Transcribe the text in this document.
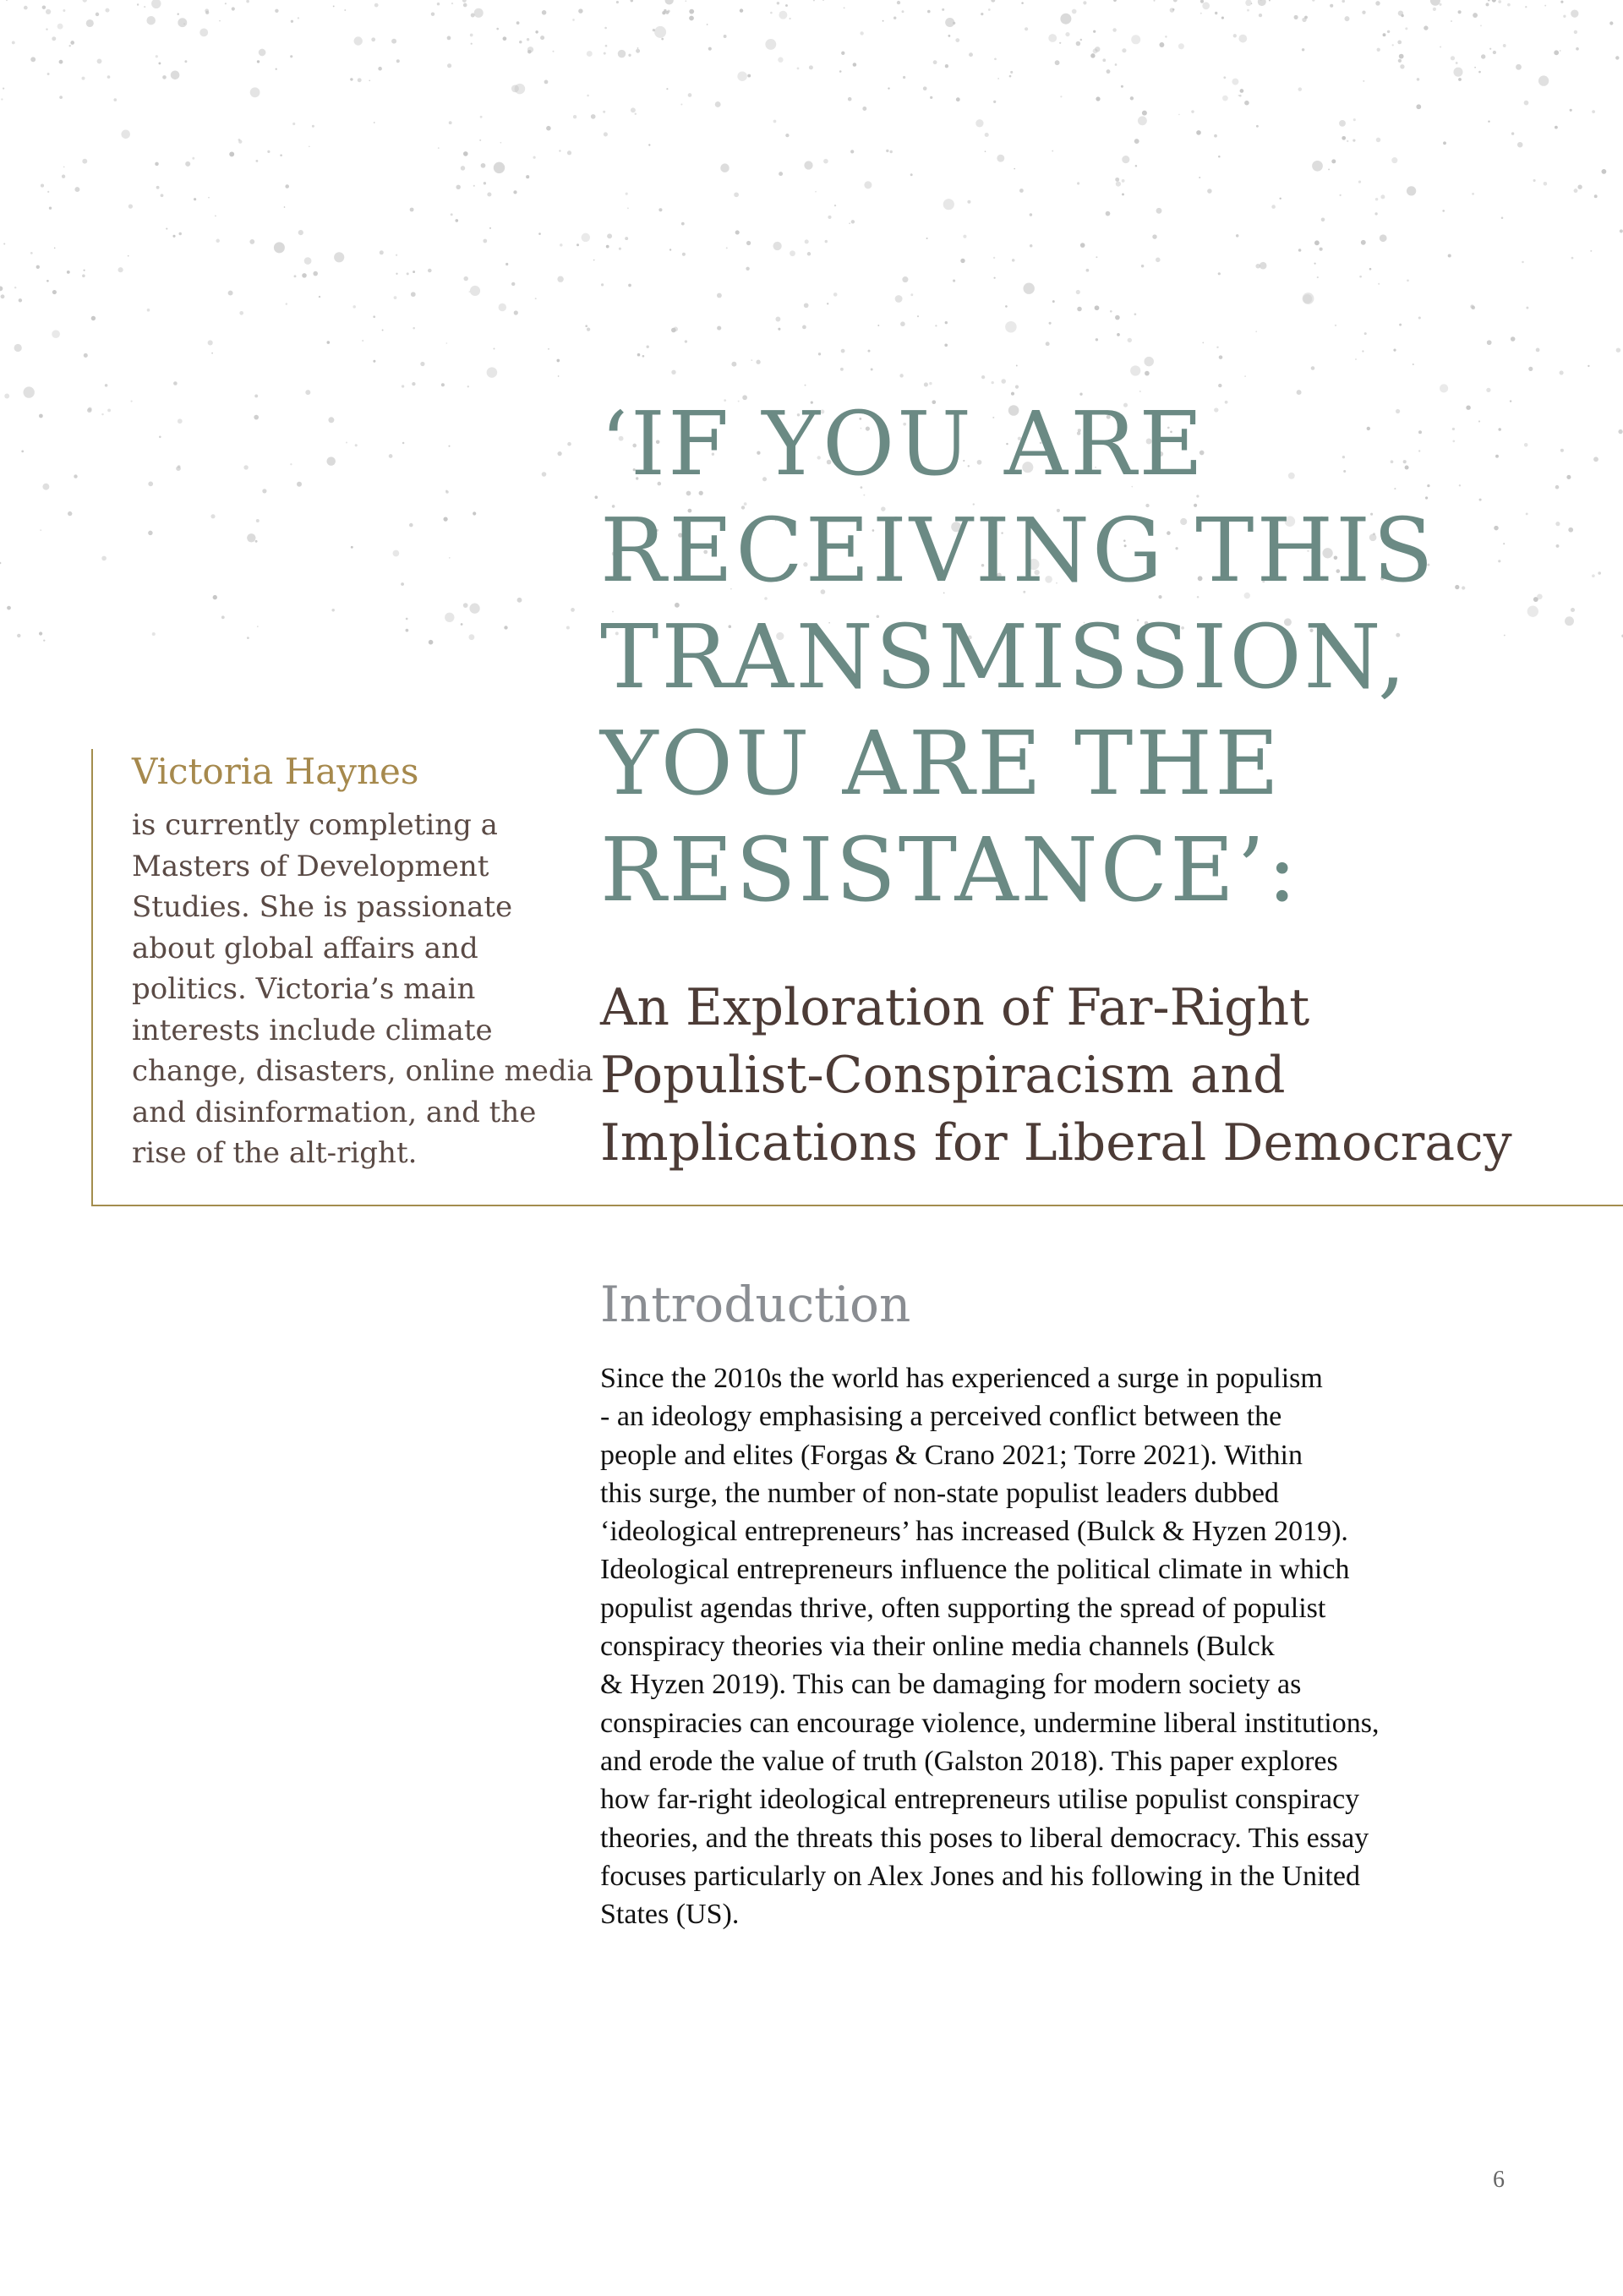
‘IF YOU ARE
RECEIVING THIS
TRANSMISSION,
YOU ARE THE
RESISTANCE’:
An Exploration of Far-Right
Populist-Conspiracism and
Implications for Liberal Democracy
Victoria Haynes

is currently completing a
Masters of Development
Studies. She is passionate
about global affairs and
politics. Victoria’s main
interests include climate
change, disasters, online media
and disinformation, and the
rise of the alt-right.

Introduction

Since the 2010s the world has experienced a surge in populism
- an ideology emphasising a perceived conflict between the
people and elites (Forgas & Crano 2021; Torre 2021). Within
this surge, the number of non-state populist leaders dubbed
‘ideological entrepreneurs’ has increased (Bulck & Hyzen 2019).
Ideological entrepreneurs influence the political climate in which
populist agendas thrive, often supporting the spread of populist
conspiracy theories via their online media channels (Bulck
& Hyzen 2019). This can be damaging for modern society as
conspiracies can encourage violence, undermine liberal institutions,
and erode the value of truth (Galston 2018). This paper explores
how far-right ideological entrepreneurs utilise populist conspiracy
theories, and the threats this poses to liberal democracy. This essay
focuses particularly on Alex Jones and his following in the United
States (US).

6
